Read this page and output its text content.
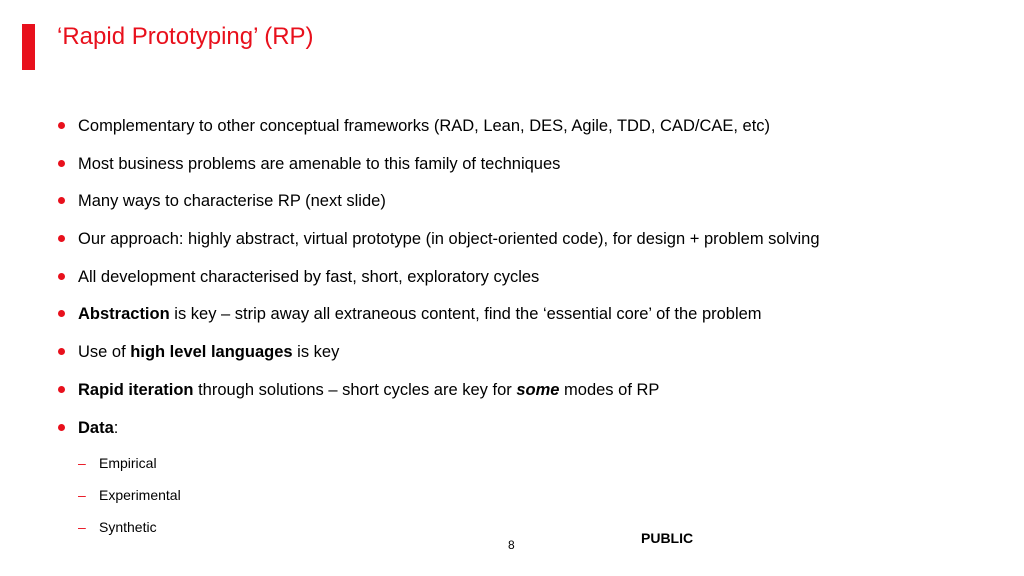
‘Rapid Prototyping’ (RP)
Complementary to other conceptual frameworks (RAD, Lean, DES, Agile, TDD, CAD/CAE, etc)
Most business problems are amenable to this family of techniques
Many ways to characterise RP (next slide)
Our approach: highly abstract, virtual prototype (in object-oriented code), for design + problem solving
All development characterised by fast, short, exploratory cycles
Abstraction is key – strip away all extraneous content, find the ‘essential core’ of the problem
Use of high level languages is key
Rapid iteration through solutions – short cycles are key for some modes of RP
Data:
– Empirical
– Experimental
– Synthetic
8	PUBLIC
